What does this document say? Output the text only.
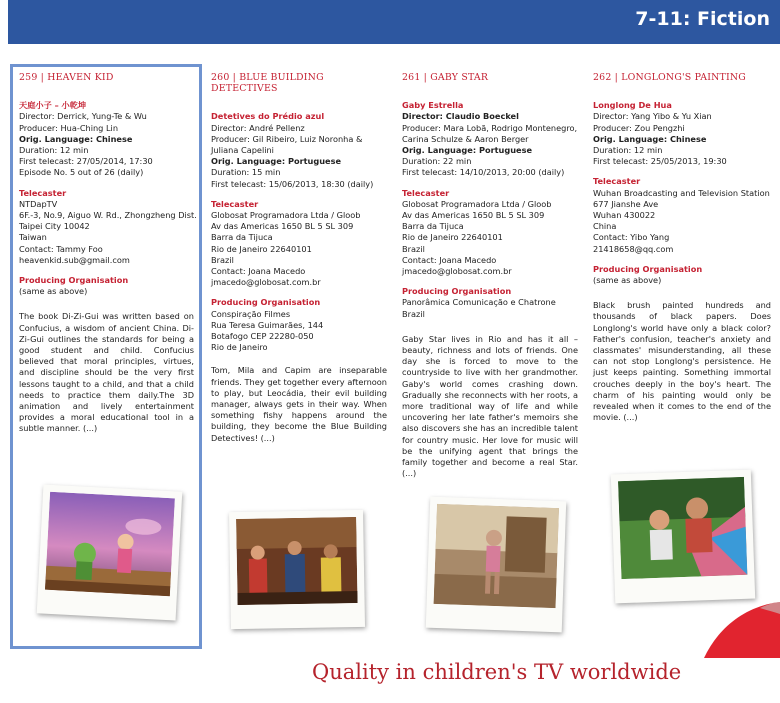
7-11: Fiction
259 | HEAVEN KID
天庭小子 – 小乾坤
Director: Derrick, Yung-Te & Wu
Producer: Hua-Ching Lin
Orig. Language: Chinese
Duration: 12 min
First telecast: 27/05/2014, 17:30
Episode No. 5 out of 26 (daily)
Telecaster
NTDapTV
6F.-3, No.9, Aiguo W. Rd., Zhongzheng Dist.
Taipei City 10042
Taiwan
Contact: Tammy Foo
heavenkid.sub@gmail.com
Producing Organisation
(same as above)
The book Di-Zi-Gui was written based on Confucius, a wisdom of ancient China. Di-Zi-Gui outlines the standards for being a good student and child. Confucius believed that moral principles, virtues, and discipline should be the very first lessons taught to a child, and that a child needs to practice them daily.The 3D animation and lively entertainment provides a moral educational tool in a subtle manner. (...)
260 | BLUE BUILDING DETECTIVES
Detetives do Prédio azul
Director: André Pellenz
Producer: Gil Ribeiro, Luiz Noronha & Juliana Capelini
Orig. Language: Portuguese
Duration: 15 min
First telecast: 15/06/2013, 18:30 (daily)
Telecaster
Globosat Programadora Ltda / Gloob
Av das Americas 1650 BL 5 SL 309
Barra da Tijuca
Rio de Janeiro 22640101
Brazil
Contact: Joana Macedo
jmacedo@globosat.com.br
Producing Organisation
Conspiração Filmes
Rua Teresa Guimarães, 144
Botafogo CEP 22280-050
Rio de Janeiro
Tom, Mila and Capim are inseparable friends. They get together every afternoon to play, but Leocádia, their evil building manager, always gets in their way. When something fishy happens around the building, they become the Blue Building Detectives! (...)
261 | GABY STAR
Gaby Estrella
Director: Claudio Boeckel
Producer: Mara Lobã, Rodrigo Montenegro, Carina Schulze & Aaron Berger
Orig. Language: Portuguese
Duration: 22 min
First telecast: 14/10/2013, 20:00 (daily)
Telecaster
Globosat Programadora Ltda / Gloob
Av das Americas 1650 BL 5 SL 309
Barra da Tijuca
Rio de Janeiro 22640101
Brazil
Contact: Joana Macedo
jmacedo@globosat.com.br
Producing Organisation
Panorâmica Comunicação e Chatrone
Brazil
Gaby Star lives in Rio and has it all – beauty, richness and lots of friends. One day she is forced to move to the countryside to live with her grandmother. Gaby's world comes crashing down. Gradually she reconnects with her roots, a more traditional way of life and while uncovering her late father's memoirs she also discovers she has an incredible talent for country music. Her love for music will be the unifying agent that brings the family together and become a real Star. (...)
262 | LONGLONG'S PAINTING
Longlong De Hua
Director: Yang Yibo & Yu Xian
Producer: Zou Pengzhi
Orig. Language: Chinese
Duration: 12 min
First telecast: 25/05/2013, 19:30
Telecaster
Wuhan Broadcasting and Television Station
677 Jianshe Ave
Wuhan 430022
China
Contact: Yibo Yang
21418658@qq.com
Producing Organisation
(same as above)
Black brush painted hundreds and thousands of black papers. Does Longlong's world have only a black color? Father's confusion, teacher's anxiety and classmates' misunderstanding, all these can not stop Longlong's persistence. He just keeps painting. Something immortal crouches deeply in the boy's heart. The charm of his painting would only be revealed when it comes to the end of the movie. (...)
Quality in children's TV worldwide
